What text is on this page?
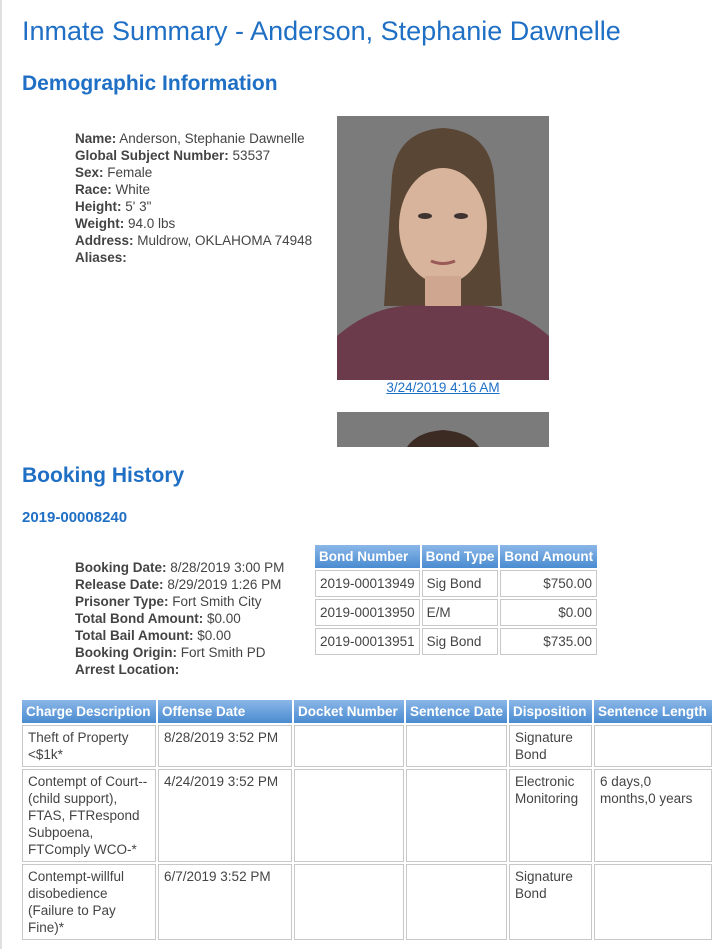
Inmate Summary - Anderson, Stephanie Dawnelle
Demographic Information
Name: Anderson, Stephanie Dawnelle
Global Subject Number: 53537
Sex: Female
Race: White
Height: 5' 3"
Weight: 94.0 lbs
Address: Muldrow, OKLAHOMA 74948
Aliases:
3/24/2019 4:16 AM
Booking History
2019-00008240
Booking Date: 8/28/2019 3:00 PM
Release Date: 8/29/2019 1:26 PM
Prisoner Type: Fort Smith City
Total Bond Amount: $0.00
Total Bail Amount: $0.00
Booking Origin: Fort Smith PD
Arrest Location:
Bond Number	Bond Type	Bond Amount
2019-00013949	Sig Bond	$750.00
2019-00013950	E/M	$0.00
2019-00013951	Sig Bond	$735.00
Charge Description	Offense Date	Docket Number	Sentence Date	Disposition	Sentence Length
Theft of Property <$1k*	8/28/2019 3:52 PM			Signature Bond	
Contempt of Court--(child support), FTAS, FTRespond Subpoena, FTComply WCO-*	4/24/2019 3:52 PM			Electronic Monitoring	6 days,0 months,0 years
Contempt-willful disobedience (Failure to Pay Fine)*	6/7/2019 3:52 PM			Signature Bond	
